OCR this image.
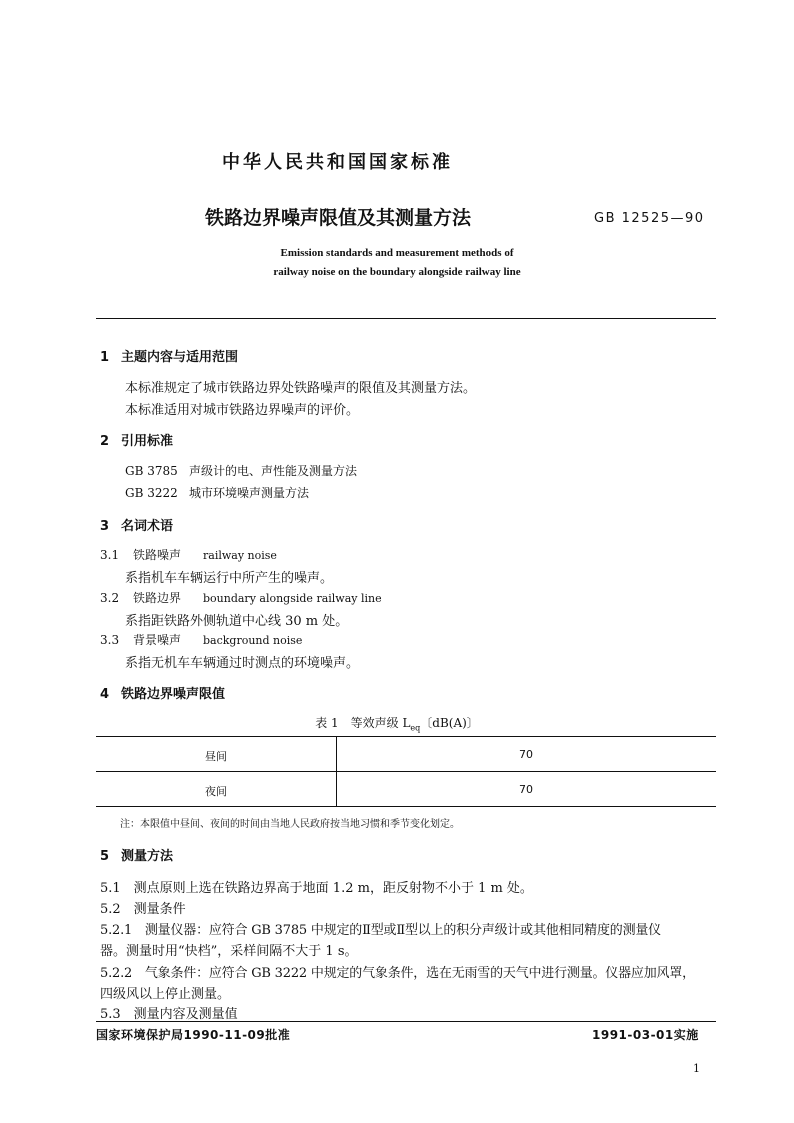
中华人民共和国国家标准
铁路边界噪声限值及其测量方法	GB 12525—90
Emission standards and measurement methods of
railway noise on the boundary alongside railway line
1 主题内容与适用范围
本标准规定了城市铁路边界处铁路噪声的限值及其测量方法。
本标准适用对城市铁路边界噪声的评价。
2 引用标准
GB 3785 声级计的电、声性能及测量方法
GB 3222 城市环境噪声测量方法
3 名词术语
3.1 铁路噪声 railway noise
系指机车车辆运行中所产生的噪声。
3.2 铁路边界 boundary alongside railway line
系指距铁路外侧轨道中心线 30 m 处。
3.3 背景噪声 background noise
系指无机车车辆通过时测点的环境噪声。
4 铁路边界噪声限值
表 1　等效声级 $L_{eq}$〔dB(A)〕
昼间	70
夜间	70
注：本限值中昼间、夜间的时间由当地人民政府按当地习惯和季节变化划定。
5 测量方法
5.1　测点原则上选在铁路边界高于地面 1.2 m，距反射物不小于 1 m 处。
5.2　测量条件
5.2.1　测量仪器：应符合 GB 3785 中规定的Ⅱ型或Ⅱ型以上的积分声级计或其他相同精度的测量仪
器。测量时用“快档”，采样间隔不大于 1 s。
5.2.2　气象条件：应符合 GB 3222 中规定的气象条件，选在无雨雪的天气中进行测量。仪器应加风罩，
四级风以上停止测量。
5.3　测量内容及测量值
国家环境保护局1990-11-09批准	1991-03-01实施
1
